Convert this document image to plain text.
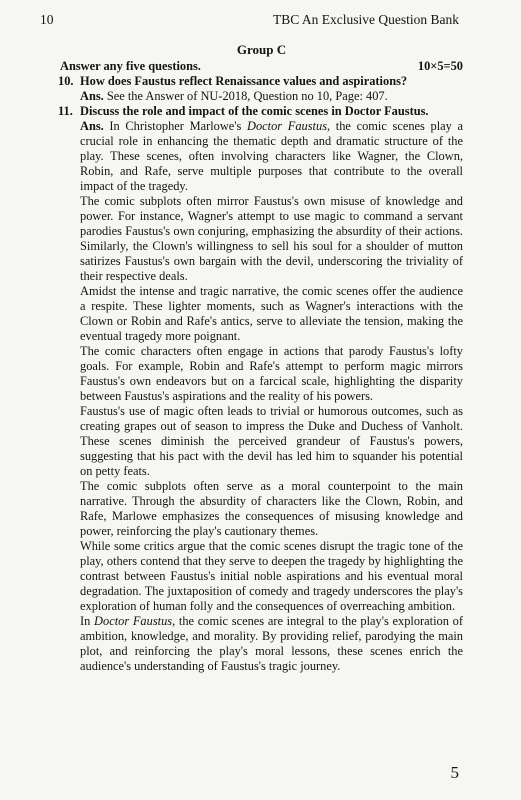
10	TBC An Exclusive Question Bank
Group C
Answer any five questions.	10×5=50
10. How does Faustus reflect Renaissance values and aspirations?
Ans. See the Answer of NU-2018, Question no 10, Page: 407.
11. Discuss the role and impact of the comic scenes in Doctor Faustus.

Ans. In Christopher Marlowe's Doctor Faustus, the comic scenes play a crucial role in enhancing the thematic depth and dramatic structure of the play. These scenes, often involving characters like Wagner, the Clown, Robin, and Rafe, serve multiple purposes that contribute to the overall impact of the tragedy.

The comic subplots often mirror Faustus's own misuse of knowledge and power. For instance, Wagner's attempt to use magic to command a servant parodies Faustus's own conjuring, emphasizing the absurdity of their actions. Similarly, the Clown's willingness to sell his soul for a shoulder of mutton satirizes Faustus's own bargain with the devil, underscoring the triviality of their respective deals.

Amidst the intense and tragic narrative, the comic scenes offer the audience a respite. These lighter moments, such as Wagner's interactions with the Clown or Robin and Rafe's antics, serve to alleviate the tension, making the eventual tragedy more poignant.

The comic characters often engage in actions that parody Faustus's lofty goals. For example, Robin and Rafe's attempt to perform magic mirrors Faustus's own endeavors but on a farcical scale, highlighting the disparity between Faustus's aspirations and the reality of his powers.

Faustus's use of magic often leads to trivial or humorous outcomes, such as creating grapes out of season to impress the Duke and Duchess of Vanholt. These scenes diminish the perceived grandeur of Faustus's powers, suggesting that his pact with the devil has led him to squander his potential on petty feats.

The comic subplots often serve as a moral counterpoint to the main narrative. Through the absurdity of characters like the Clown, Robin, and Rafe, Marlowe emphasizes the consequences of misusing knowledge and power, reinforcing the play's cautionary themes.

While some critics argue that the comic scenes disrupt the tragic tone of the play, others contend that they serve to deepen the tragedy by highlighting the contrast between Faustus's initial noble aspirations and his eventual moral degradation. The juxtaposition of comedy and tragedy underscores the play's exploration of human folly and the consequences of overreaching ambition.

In Doctor Faustus, the comic scenes are integral to the play's exploration of ambition, knowledge, and morality. By providing relief, parodying the main plot, and reinforcing the play's moral lessons, these scenes enrich the audience's understanding of Faustus's tragic journey.

5
